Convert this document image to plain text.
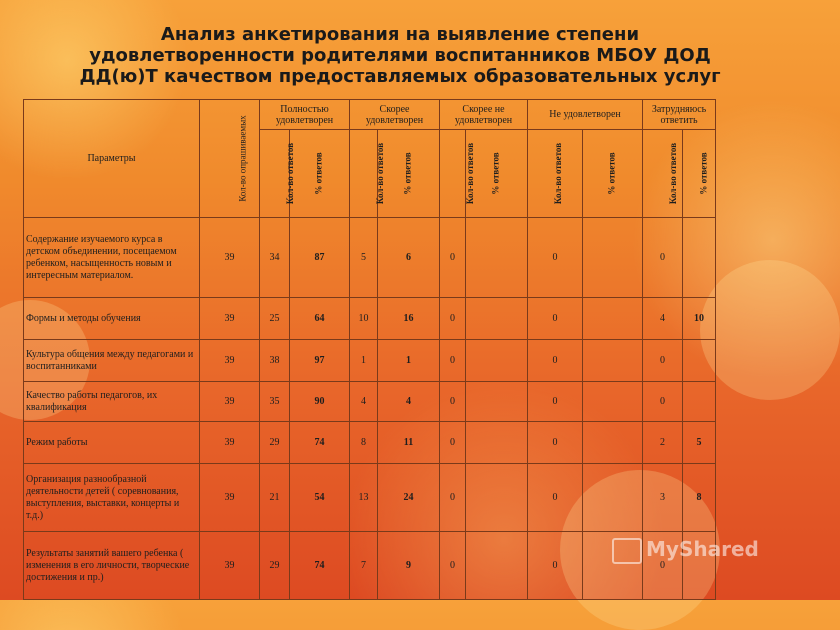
Анализ анкетирования на выявление степени
удовлетворенности родителями воспитанников МБОУ ДОД
ДД(ю)Т качеством предоставляемых образовательных услуг
Параметры	Кол-во опрашиваемых	Полностью удовлетворен		Скорее удовлетворен		Скорее не удовлетворен		Не удовлетворен		Затрудняюсь ответить	
		Кол-во ответов	% ответов	Кол-во ответов	% ответов	Кол-во ответов	% ответов	Кол-во ответов	% ответов	Кол-во ответов	% ответов
Содержание изучаемого курса в детском объединении, посещаемом ребенком, насыщенность новым и интересным материалом.	39	34	87	5	6	0		0		0	
Формы и методы обучения	39	25	64	10	16	0		0		4	10
Культура общения между педагогами и воспитанниками	39	38	97	1	1	0		0		0	
Качество работы педагогов, их квалификация	39	35	90	4	4	0		0		0	
Режим работы	39	29	74	8	11	0		0		2	5
Организация разнообразной деятельности детей ( соревнования, выступления, выставки, концерты и т.д.)	39	21	54	13	24	0		0		3	8
Результаты занятий вашего ребенка ( изменения в его личности, творческие достижения и пр.)	39	29	74	7	9	0		0		0	
MyShared
